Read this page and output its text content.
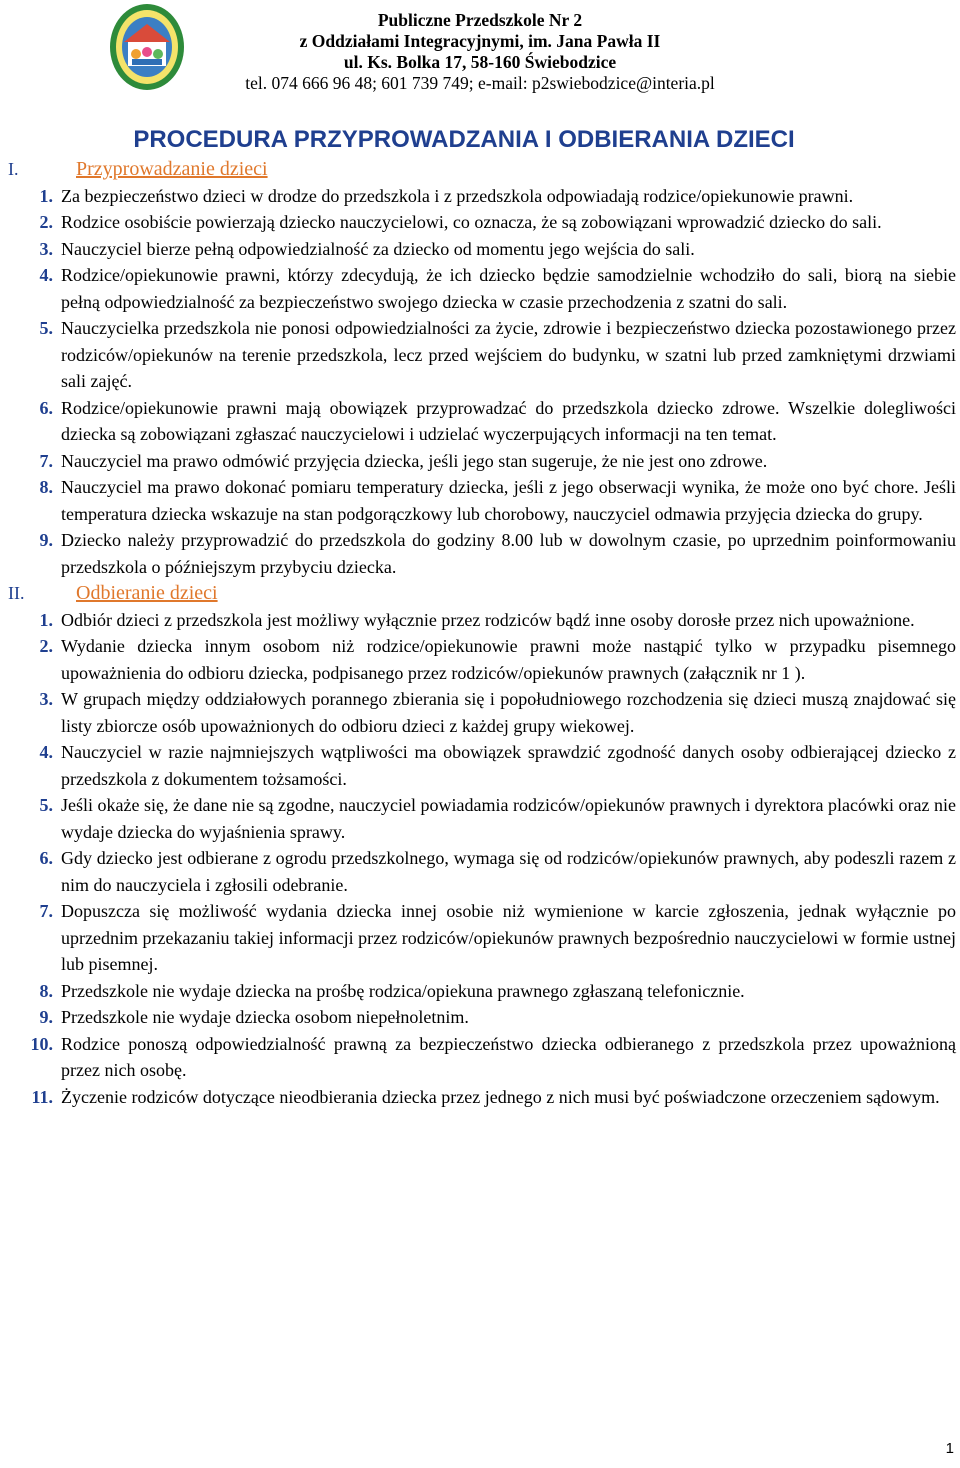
Publiczne Przedszkole Nr 2
z Oddziałami Integracyjnymi, im. Jana Pawła II
ul. Ks. Bolka 17, 58-160 Świebodzice
tel. 074 666 96 48; 601 739 749; e-mail: p2swiebodzice@interia.pl
PROCEDURA PRZYPROWADZANIA I ODBIERANIA DZIECI
I.	Przyprowadzanie dzieci
1. Za bezpieczeństwo dzieci w drodze do przedszkola i z przedszkola odpowiadają rodzice/opiekunowie prawni.
2. Rodzice osobiście powierzają dziecko nauczycielowi, co oznacza, że są zobowiązani wprowadzić dziecko do sali.
3. Nauczyciel bierze pełną odpowiedzialność za dziecko od momentu jego wejścia do sali.
4. Rodzice/opiekunowie prawni, którzy zdecydują, że ich dziecko będzie samodzielnie wchodziło do sali, biorą na siebie pełną odpowiedzialność za bezpieczeństwo swojego dziecka w czasie przechodzenia z szatni do sali.
5. Nauczycielka przedszkola nie ponosi odpowiedzialności za życie, zdrowie i bezpieczeństwo dziecka pozostawionego przez rodziców/opiekunów na terenie przedszkola, lecz przed wejściem do budynku, w szatni lub przed zamkniętymi drzwiami sali zajęć.
6. Rodzice/opiekunowie prawni mają obowiązek przyprowadzać do przedszkola dziecko zdrowe. Wszelkie dolegliwości dziecka są zobowiązani zgłaszać nauczycielowi i udzielać wyczerpujących informacji na ten temat.
7. Nauczyciel ma prawo odmówić przyjęcia dziecka, jeśli jego stan sugeruje, że nie jest ono zdrowe.
8. Nauczyciel ma prawo dokonać pomiaru temperatury dziecka, jeśli z jego obserwacji wynika, że może ono być chore. Jeśli temperatura dziecka wskazuje na stan podgorączkowy lub chorobowy, nauczyciel odmawia przyjęcia dziecka do grupy.
9. Dziecko należy przyprowadzić do przedszkola do godziny 8.00 lub w dowolnym czasie, po uprzednim poinformowaniu przedszkola o późniejszym przybyciu dziecka.
II.	Odbieranie dzieci
1. Odbiór dzieci z przedszkola jest możliwy wyłącznie przez rodziców bądź inne osoby dorosłe przez nich upoważnione.
2. Wydanie dziecka innym osobom niż rodzice/opiekunowie prawni może nastąpić tylko w przypadku pisemnego upoważnienia do odbioru dziecka, podpisanego przez rodziców/opiekunów prawnych (załącznik nr 1 ).
3. W grupach między oddziałowych porannego zbierania się i popołudniowego rozchodzenia się dzieci muszą znajdować się listy zbiorcze osób upoważnionych do odbioru dzieci z każdej grupy wiekowej.
4. Nauczyciel w razie najmniejszych wątpliwości ma obowiązek sprawdzić zgodność danych osoby odbierającej dziecko z przedszkola z dokumentem tożsamości.
5. Jeśli okaże się, że dane nie są zgodne, nauczyciel powiadamia rodziców/opiekunów prawnych i dyrektora placówki oraz nie wydaje dziecka do wyjaśnienia sprawy.
6. Gdy dziecko jest odbierane z ogrodu przedszkolnego, wymaga się od rodziców/opiekunów prawnych, aby podeszli razem z nim do nauczyciela i zgłosili odebranie.
7. Dopuszcza się możliwość wydania dziecka innej osobie niż wymienione w karcie zgłoszenia, jednak wyłącznie po uprzednim przekazaniu takiej informacji przez rodziców/opiekunów prawnych bezpośrednio nauczycielowi w formie ustnej lub pisemnej.
8. Przedszkole nie wydaje dziecka na prośbę rodzica/opiekuna prawnego zgłaszaną telefonicznie.
9. Przedszkole nie wydaje dziecka osobom niepełnoletnim.
10. Rodzice ponoszą odpowiedzialność prawną za bezpieczeństwo dziecka odbieranego z przedszkola przez upoważnioną przez nich osobę.
11. Życzenie rodziców dotyczące nieodbierania dziecka przez jednego z nich musi być poświadczone orzeczeniem sądowym.
1
